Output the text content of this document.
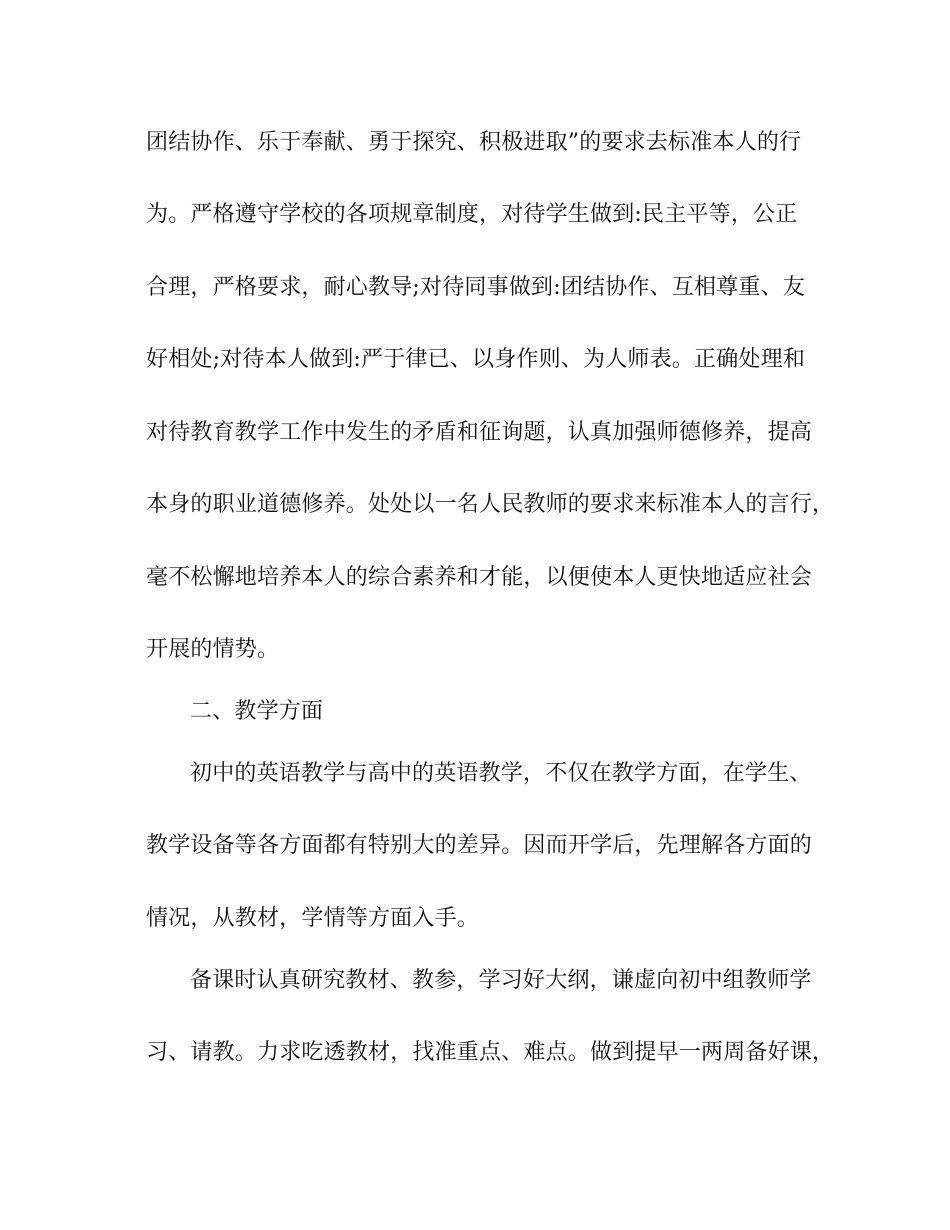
团结协作、乐于奉献、勇于探究、积极进取”的要求去标准本人的行
为。严格遵守学校的各项规章制度，对待学生做到:民主平等，公正
合理，严格要求，耐心教导;对待同事做到:团结协作、互相尊重、友
好相处;对待本人做到:严于律已、以身作则、为人师表。正确处理和
对待教育教学工作中发生的矛盾和征询题，认真加强师德修养，提高
本身的职业道德修养。处处以一名人民教师的要求来标准本人的言行，
毫不松懈地培养本人的综合素养和才能，以便使本人更快地适应社会
开展的情势。
二、教学方面
初中的英语教学与高中的英语教学，不仅在教学方面，在学生、
教学设备等各方面都有特别大的差异。因而开学后，先理解各方面的
情况，从教材，学情等方面入手。
备课时认真研究教材、教参，学习好大纲，谦虚向初中组教师学
习、请教。力求吃透教材，找准重点、难点。做到提早一两周备好课，
